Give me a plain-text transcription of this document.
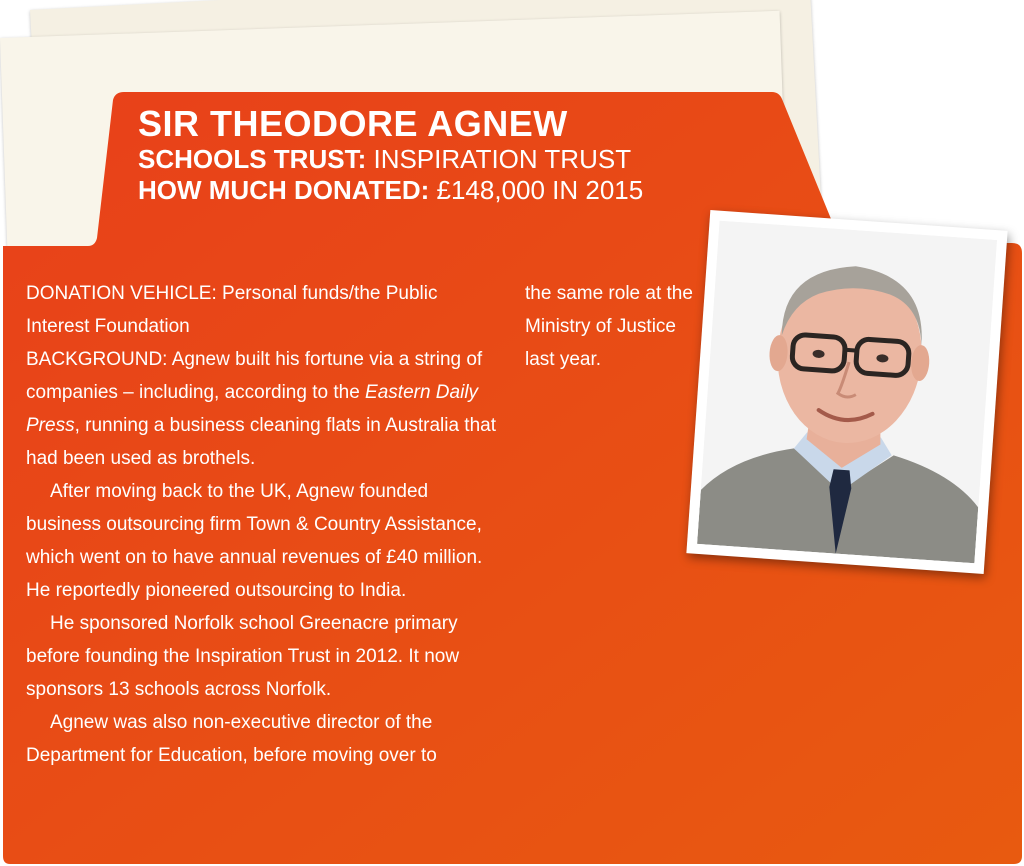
SIR THEODORE AGNEW
SCHOOLS TRUST: INSPIRATION TRUST
HOW MUCH DONATED: £148,000 IN 2015

DONATION VEHICLE: Personal funds/the Public Interest Foundation

BACKGROUND: Agnew built his fortune via a string of companies – including, according to the Eastern Daily Press, running a business cleaning flats in Australia that had been used as brothels.

After moving back to the UK, Agnew founded business outsourcing firm Town & Country Assistance, which went on to have annual revenues of £40 million. He reportedly pioneered outsourcing to India.

He sponsored Norfolk school Greenacre primary before founding the Inspiration Trust in 2012. It now sponsors 13 schools across Norfolk.

Agnew was also non-executive director of the Department for Education, before moving over to

the same role at the Ministry of Justice last year.
